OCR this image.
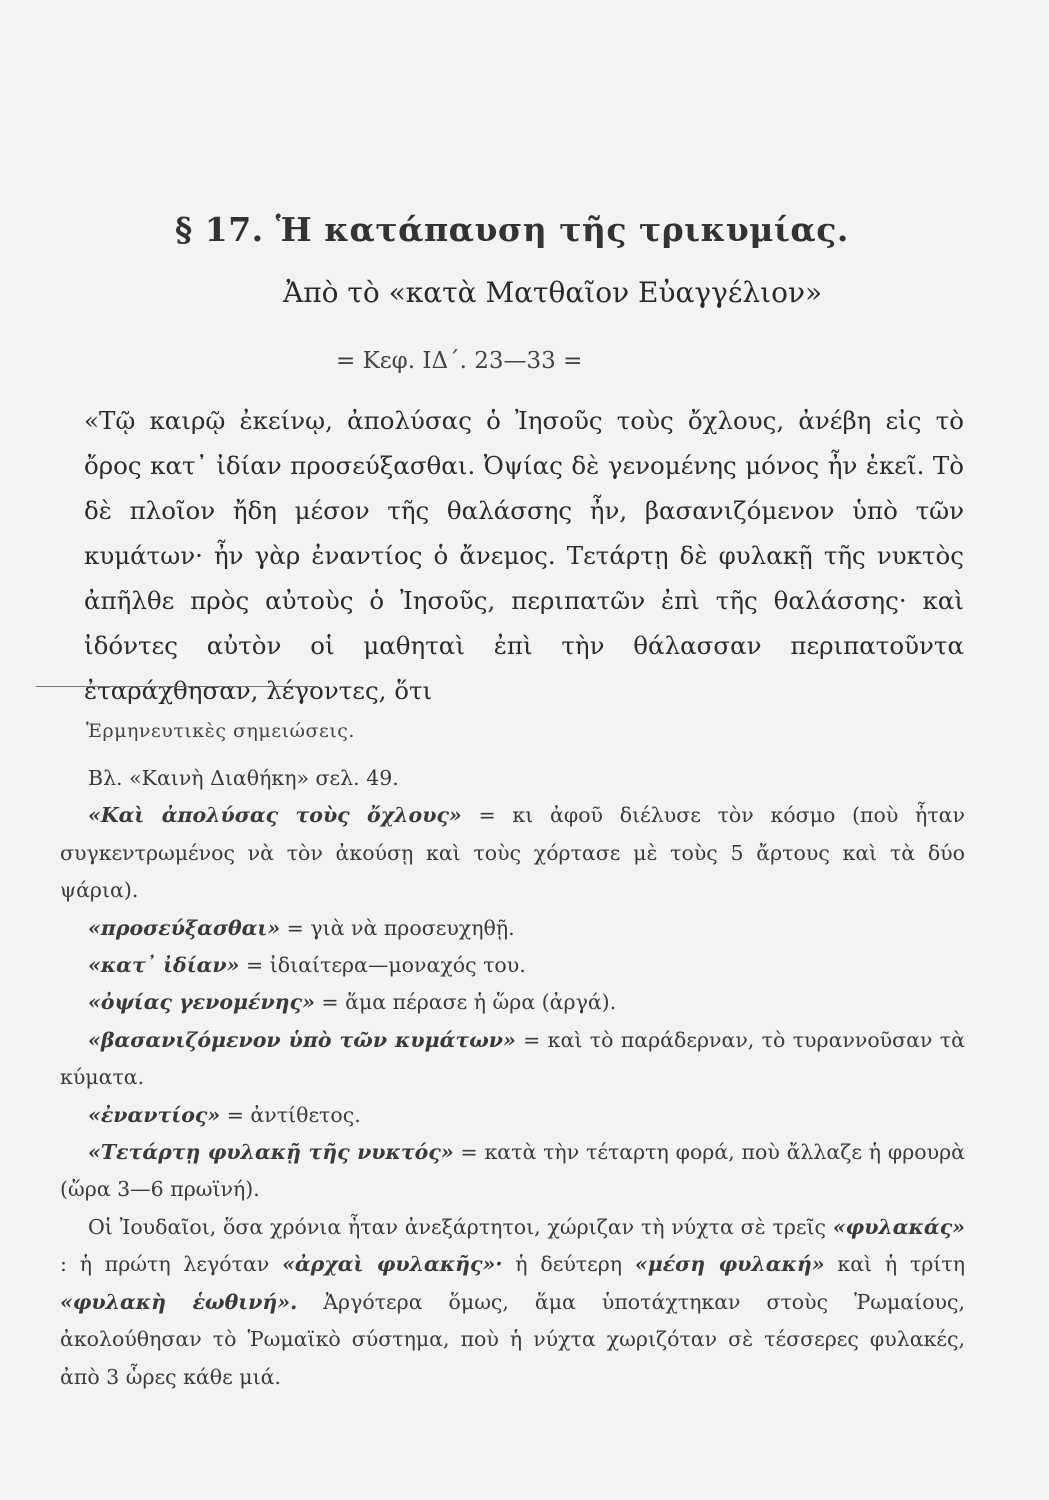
§ 17. Ἡ κατάπαυση τῆς τρικυμίας.
Ἀπὸ τὸ «κατὰ Ματθαῖον Εὐαγγέλιον»
= Κεφ. ΙΔ΄. 23—33 =
«Τῷ καιρῷ ἐκείνῳ, ἀπολύσας ὁ Ἰησοῦς τοὺς ὄχλους, ἀνέβη εἰς τὸ ὄρος κατ᾿ ἰδίαν προσεύξασθαι. Ὀψίας δὲ γενομένης μόνος ἦν ἐκεῖ. Τὸ δὲ πλοῖον ἤδη μέσον τῆς θαλάσσης ἦν, βασανιζόμενον ὑπὸ τῶν κυμάτων· ἦν γὰρ ἐναντίος ὁ ἄνεμος. Τετάρτῃ δὲ φυλακῇ τῆς νυκτὸς ἀπῆλθε πρὸς αὐτοὺς ὁ Ἰησοῦς, περιπατῶν ἐπὶ τῆς θαλάσσης· καὶ ἰδόντες αὐτὸν οἱ μαθηταὶ ἐπὶ τὴν θάλασσαν περιπατοῦντα ἐταράχθησαν, λέγοντες, ὅτι
Ἑρμηνευτικὲς σημειώσεις.

Βλ. «Καινὴ Διαθήκη» σελ. 49.

«Καὶ ἀπολύσας τοὺς ὄχλους» = κι ἀφοῦ διέλυσε τὸν κόσμο (ποὺ ἦταν συγκεντρωμένος νὰ τὸν ἀκούσῃ καὶ τοὺς χόρτασε μὲ τοὺς 5 ἄρτους καὶ τὰ δύο ψάρια).

«προσεύξασθαι» = γιὰ νὰ προσευχηθῇ.

«κατ᾿ ἰδίαν» = ἰδιαίτερα—μοναχός του.

«ὀψίας γενομένης» = ἅμα πέρασε ἡ ὥρα (ἀργά).

«βασανιζόμενον ὑπὸ τῶν κυμάτων» = καὶ τὸ παράδερναν, τὸ τυραννοῦσαν τὰ κύματα.

«ἐναντίος» = ἀντίθετος.

«Τετάρτῃ φυλακῇ τῆς νυκτός» = κατὰ τὴν τέταρτη φορά, ποὺ ἄλλαζε ἡ φρουρὰ (ὥρα 3—6 πρωϊνή).

Οἱ Ἰουδαῖοι, ὅσα χρόνια ἦταν ἀνεξάρτητοι, χώριζαν τὴ νύχτα σὲ τρεῖς «φυλακάς» : ἡ πρώτη λεγόταν «ἀρχαὶ φυλακῆς»· ἡ δεύτερη «μέση φυλακή» καὶ ἡ τρίτη «φυλακὴ ἑωθινή». Ἀργότερα ὅμως, ἅμα ὑποτάχτηκαν στοὺς Ῥωμαίους, ἀκολούθησαν τὸ Ῥωμαϊκὸ σύστημα, ποὺ ἡ νύχτα χωριζόταν σὲ τέσσερες φυλακές, ἀπὸ 3 ὧρες κάθε μιά.
